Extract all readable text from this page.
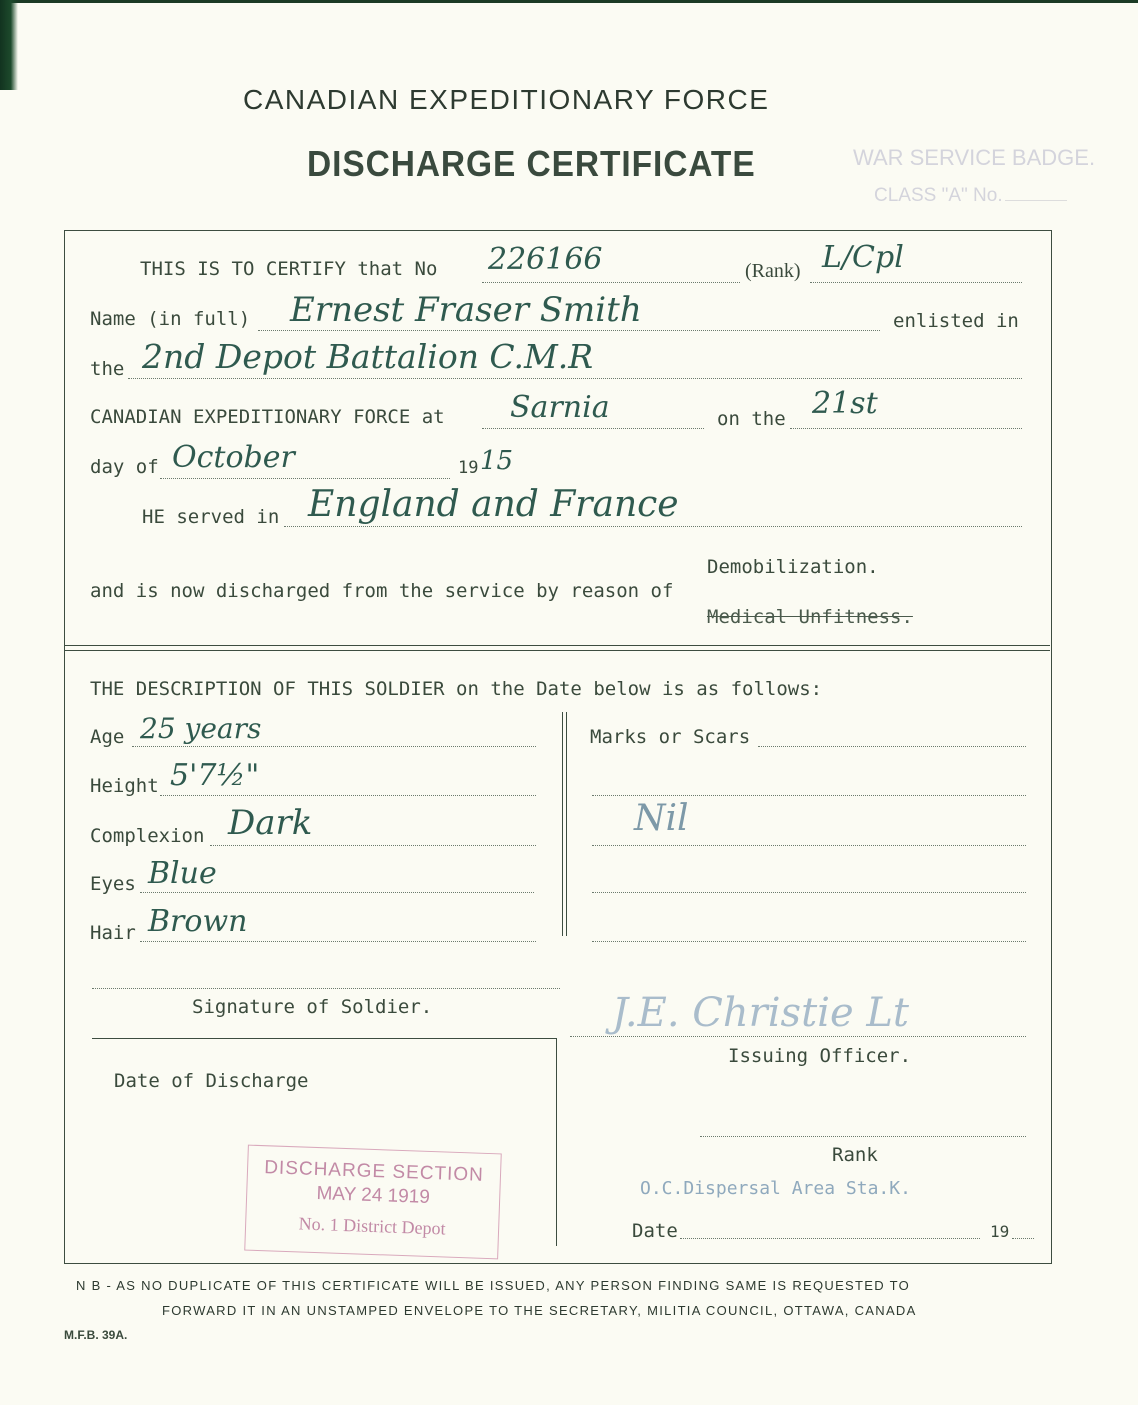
CANADIAN EXPEDITIONARY FORCE
DISCHARGE CERTIFICATE	WAR SERVICE BADGE.
CLASS "A" No.
THIS IS TO CERTIFY that No 226166	(Rank) L/Cpl
Name (in full) Ernest Fraser Smith	enlisted in
the 2nd Depot Battalion C.M.R
CANADIAN EXPEDITIONARY FORCE at Sarnia	on the 21st
day of October	19 15
HE served in England and France
and is now discharged from the service by reason of
Demobilization.
Medical Unfitness.
THE DESCRIPTION OF THIS SOLDIER on the Date below is as follows:
Age 25 years
Height 5'7½"
Complexion Dark
Eyes Blue
Hair Brown
Marks or Scars
Nil
Signature of Soldier.	J.E. Christie Lt
Issuing Officer.
Date of Discharge
Rank
O.C.Dispersal Area Sta.K.
Date	19
DISCHARGE SECTION
MAY 24 1919
No. 1 District Depot
N B - AS NO DUPLICATE OF THIS CERTIFICATE WILL BE ISSUED, ANY PERSON FINDING SAME IS REQUESTED TO
FORWARD IT IN AN UNSTAMPED ENVELOPE TO THE SECRETARY, MILITIA COUNCIL, OTTAWA, CANADA
M.F.B. 39A.
